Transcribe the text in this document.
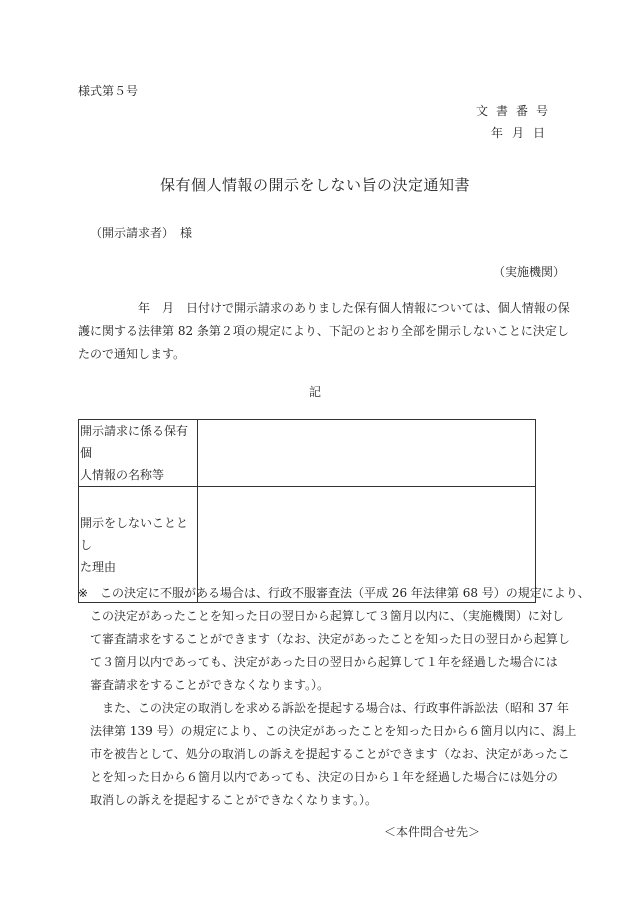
様式第５号
文書番号
年月日
保有個人情報の開示をしない旨の決定通知書
（開示請求者）　様
（実施機関）
　　　　　年　月　日付けで開示請求のありました保有個人情報については、個人情報の保
護に関する法律第 82 条第２項の規定により、下記のとおり全部を開示しないことに決定し
たので通知します。
記
開示請求に係る保有個
人情報の名称等	

開示をしないこととし
た理由	

※ この決定に不服がある場合は、行政不服審査法（平成 26 年法律第 68 号）の規定により、
　この決定があったことを知った日の翌日から起算して３箇月以内に、（実施機関）に対し
　て審査請求をすることができます（なお、決定があったことを知った日の翌日から起算し
　て３箇月以内であっても、決定があった日の翌日から起算して１年を経過した場合には
　審査請求をすることができなくなります。）。
　　また、この決定の取消しを求める訴訟を提起する場合は、行政事件訴訟法（昭和 37 年
　法律第 139 号）の規定により、この決定があったことを知った日から６箇月以内に、潟上
　市を被告として、処分の取消しの訴えを提起することができます（なお、決定があったこ
　とを知った日から６箇月以内であっても、決定の日から１年を経過した場合には処分の
　取消しの訴えを提起することができなくなります。）。
＜本件問合せ先＞
